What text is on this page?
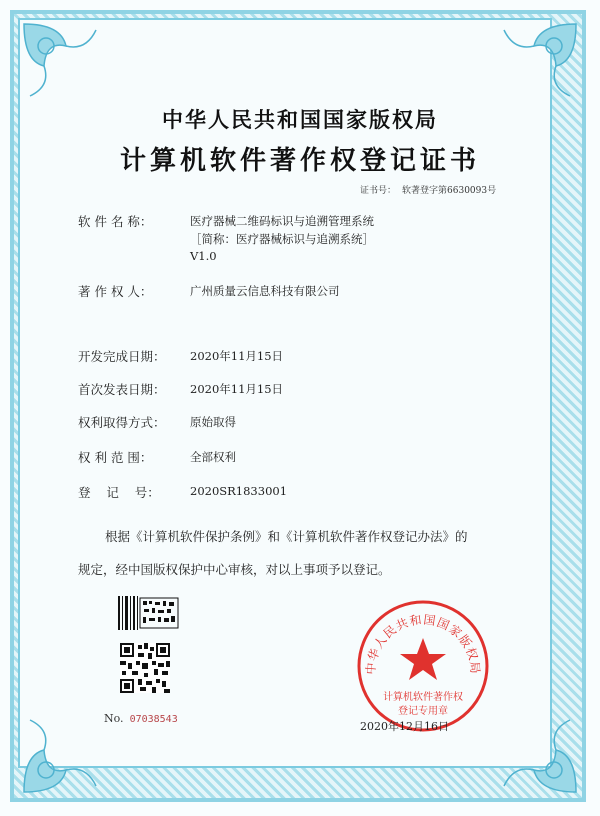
中华人民共和国国家版权局
计算机软件著作权登记证书
证书号： 软著登字第6630093号
软 件 名 称：	医疗器械二维码标识与追溯管理系统
［简称：医疗器械标识与追溯系统］
V1.0
著 作 权 人：	广州质量云信息科技有限公司
开发完成日期： 2020年11月15日
首次发表日期： 2020年11月15日
权利取得方式： 原始取得
权 利 范 围：	全部权利
登    记    号：	2020SR1833001
根据《计算机软件保护条例》和《计算机软件著作权登记办法》的
规定，经中国版权保护中心审核，对以上事项予以登记。
No. 07038543
中华人民共和国国家版权局
计算机软件著作权
登记专用章
2020年12月16日
